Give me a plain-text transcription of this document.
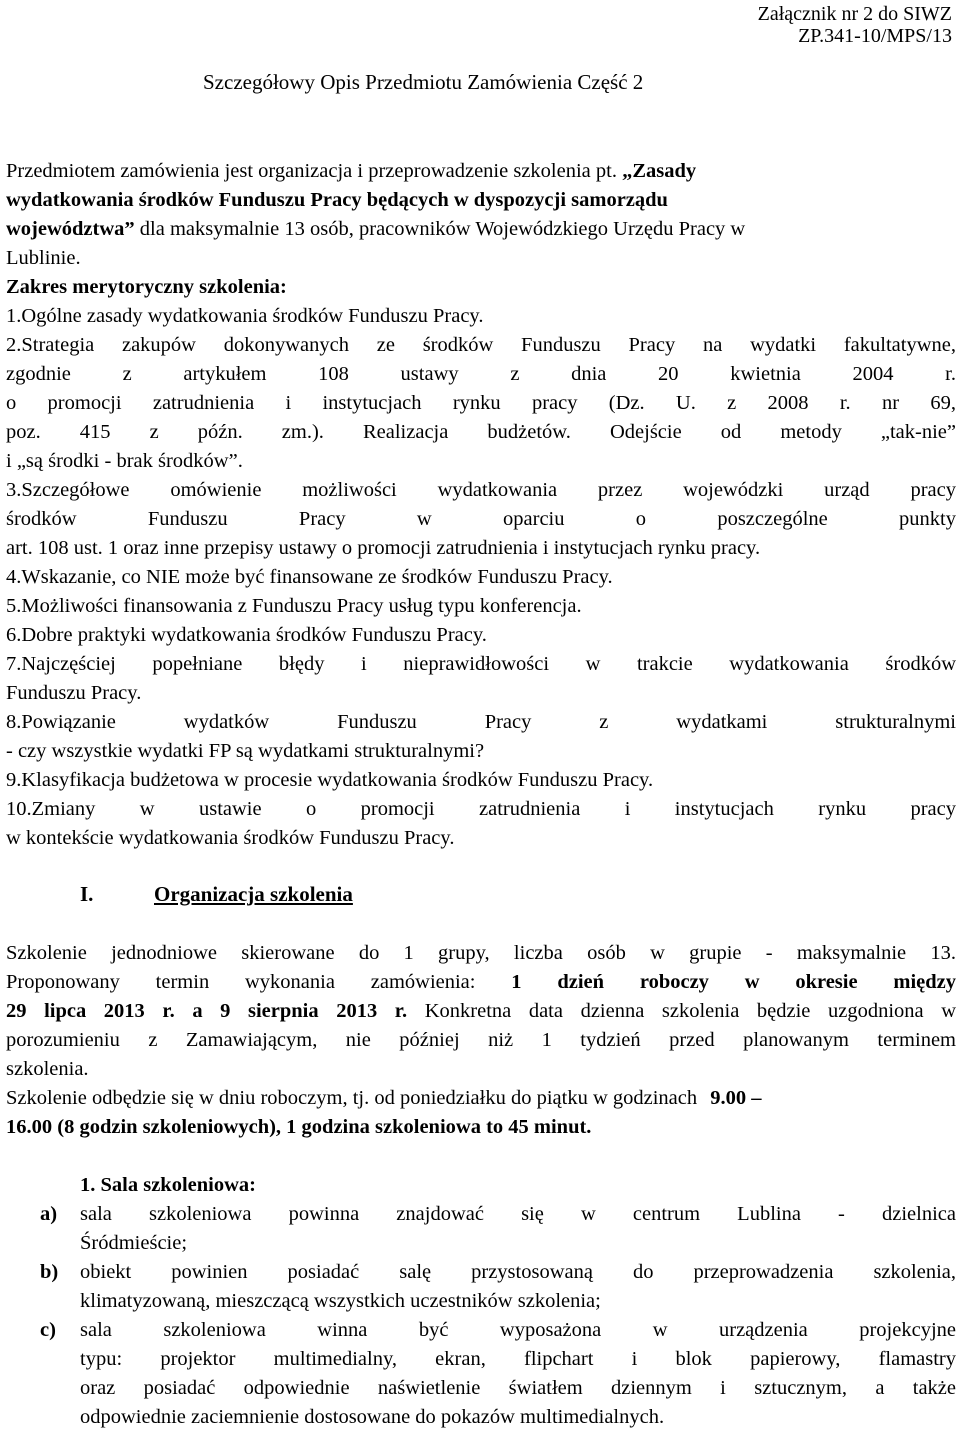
Załącznik nr 2 do SIWZ
ZP.341-10/MPS/13
Szczegółowy Opis Przedmiotu Zamówienia Część 2
Przedmiotem zamówienia jest organizacja i przeprowadzenie szkolenia pt. „Zasady
wydatkowania środków Funduszu Pracy będących w dyspozycji samorządu
województwa” dla maksymalnie 13 osób, pracowników Wojewódzkiego Urzędu Pracy w
Lublinie.
Zakres merytoryczny szkolenia:
1.Ogólne zasady wydatkowania środków Funduszu Pracy.
2.Strategia zakupów dokonywanych ze środków Funduszu Pracy na wydatki fakultatywne,
zgodnie z artykułem 108 ustawy z dnia 20 kwietnia 2004 r.
o promocji zatrudnienia i instytucjach rynku pracy (Dz. U. z 2008 r. nr 69,
poz. 415 z późn. zm.). Realizacja budżetów. Odejście od metody „tak-nie”
i „są środki - brak środków”.
3.Szczegółowe omówienie możliwości wydatkowania przez wojewódzki urząd pracy
środków Funduszu Pracy w oparciu o poszczególne punkty
art. 108 ust. 1 oraz inne przepisy ustawy o promocji zatrudnienia i instytucjach rynku pracy.
4.Wskazanie, co NIE może być finansowane ze środków Funduszu Pracy.
5.Możliwości finansowania z Funduszu Pracy usług typu konferencja.
6.Dobre praktyki wydatkowania środków Funduszu Pracy.
7.Najczęściej popełniane błędy i nieprawidłowości w trakcie wydatkowania środków
Funduszu Pracy.
8.Powiązanie wydatków Funduszu Pracy z wydatkami strukturalnymi
- czy wszystkie wydatki FP są wydatkami strukturalnymi?
9.Klasyfikacja budżetowa w procesie wydatkowania środków Funduszu Pracy.
10.Zmiany w ustawie o promocji zatrudnienia i instytucjach rynku pracy
w kontekście wydatkowania środków Funduszu Pracy.
I.	Organizacja szkolenia
Szkolenie jednodniowe skierowane do 1 grupy, liczba osób w grupie - maksymalnie 13.
Proponowany termin wykonania zamówienia: 1 dzień roboczy w okresie między
29 lipca 2013 r. a 9 sierpnia 2013 r. Konkretna data dzienna szkolenia będzie uzgodniona w
porozumieniu z Zamawiającym, nie później niż 1 tydzień przed planowanym terminem
szkolenia.
Szkolenie odbędzie się w dniu roboczym, tj. od poniedziałku do piątku w godzinach 9.00 –
16.00 (8 godzin szkoleniowych), 1 godzina szkoleniowa to 45 minut.
1. Sala szkoleniowa:
a) sala szkoleniowa powinna znajdować się w centrum Lublina - dzielnica
Śródmieście;
b) obiekt powinien posiadać salę przystosowaną do przeprowadzenia szkolenia,
klimatyzowaną, mieszczącą wszystkich uczestników szkolenia;
c) sala szkoleniowa winna być wyposażona w urządzenia projekcyjne
typu: projektor multimedialny, ekran, flipchart i blok papierowy, flamastry
oraz posiadać odpowiednie naświetlenie światłem dziennym i sztucznym, a także
odpowiednie zaciemnienie dostosowane do pokazów multimedialnych.
